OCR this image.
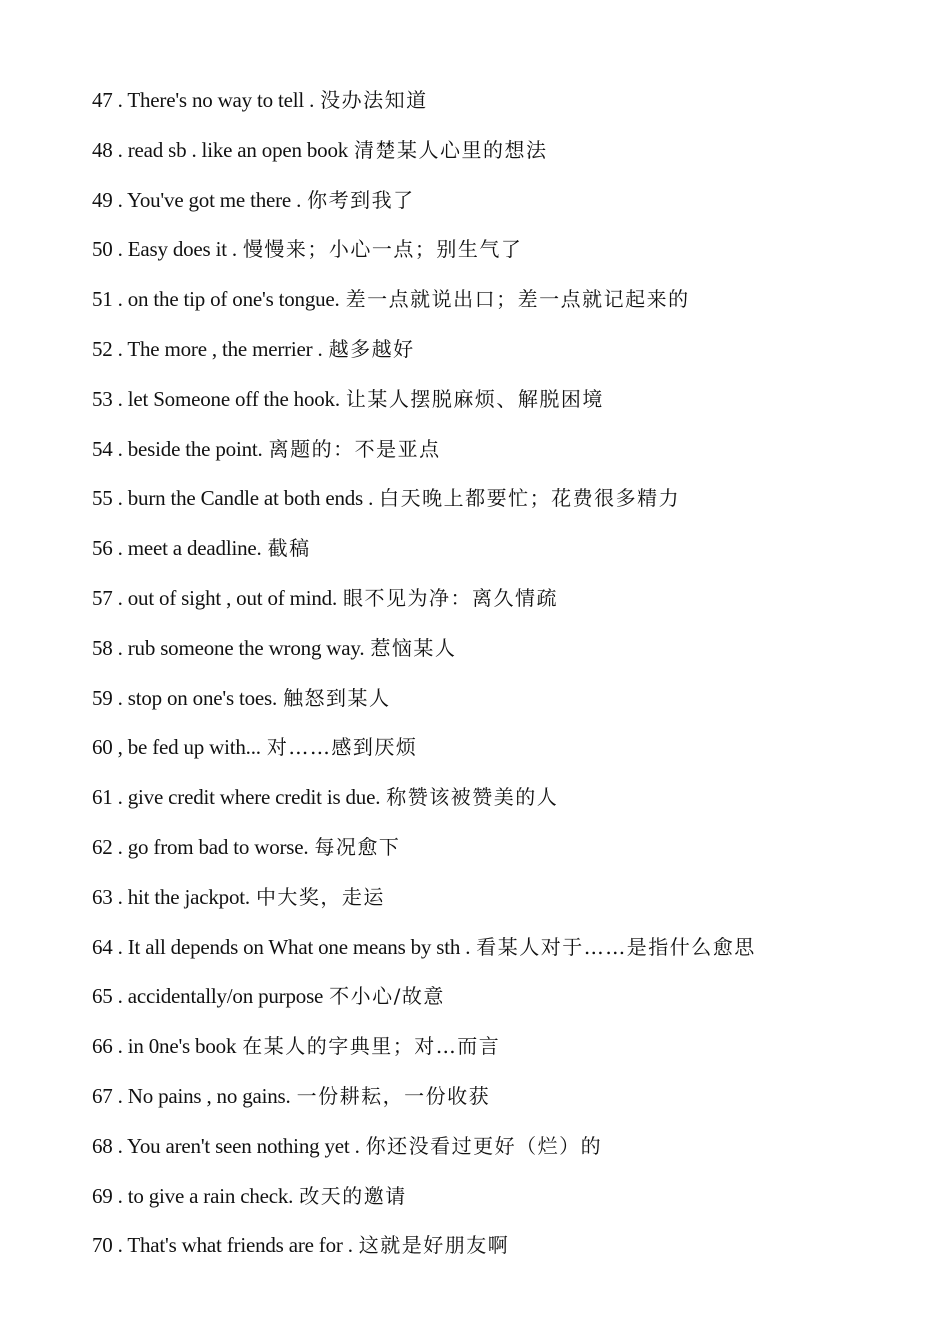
47 . There's no way to tell . 没办法知道
48 . read sb . like an open book 清楚某人心里的想法
49 . You've got me there . 你考到我了
50 . Easy does it . 慢慢来；小心一点；别生气了
51 . on the tip of one's tongue. 差一点就说出口；差一点就记起来的
52 . The more , the merrier . 越多越好
53 . let Someone off the hook. 让某人摆脱麻烦、解脱困境
54 . beside the point. 离题的：不是亚点
55 . burn the Candle at both ends . 白天晚上都要忙；花费很多精力
56 . meet a deadline. 截稿
57 . out of sight , out of mind. 眼不见为净：离久情疏
58 . rub someone the wrong way. 惹恼某人
59 . stop on one's toes. 触怒到某人
60 , be fed up with... 对……感到厌烦
61 . give credit where credit is due. 称赞该被赞美的人
62 . go from bad to worse. 每况愈下
63 . hit the jackpot. 中大奖，走运
64 . It all depends on What one means by sth . 看某人对于……是指什么愈思
65 . accidentally/on purpose 不小心/故意
66 . in 0ne's book 在某人的字典里；对…而言
67 . No pains , no gains. 一份耕耘，一份收获
68 . You aren't seen nothing yet . 你还没看过更好（烂）的
69 . to give a rain check. 改天的邀请
70 . That's what friends are for . 这就是好朋友啊
